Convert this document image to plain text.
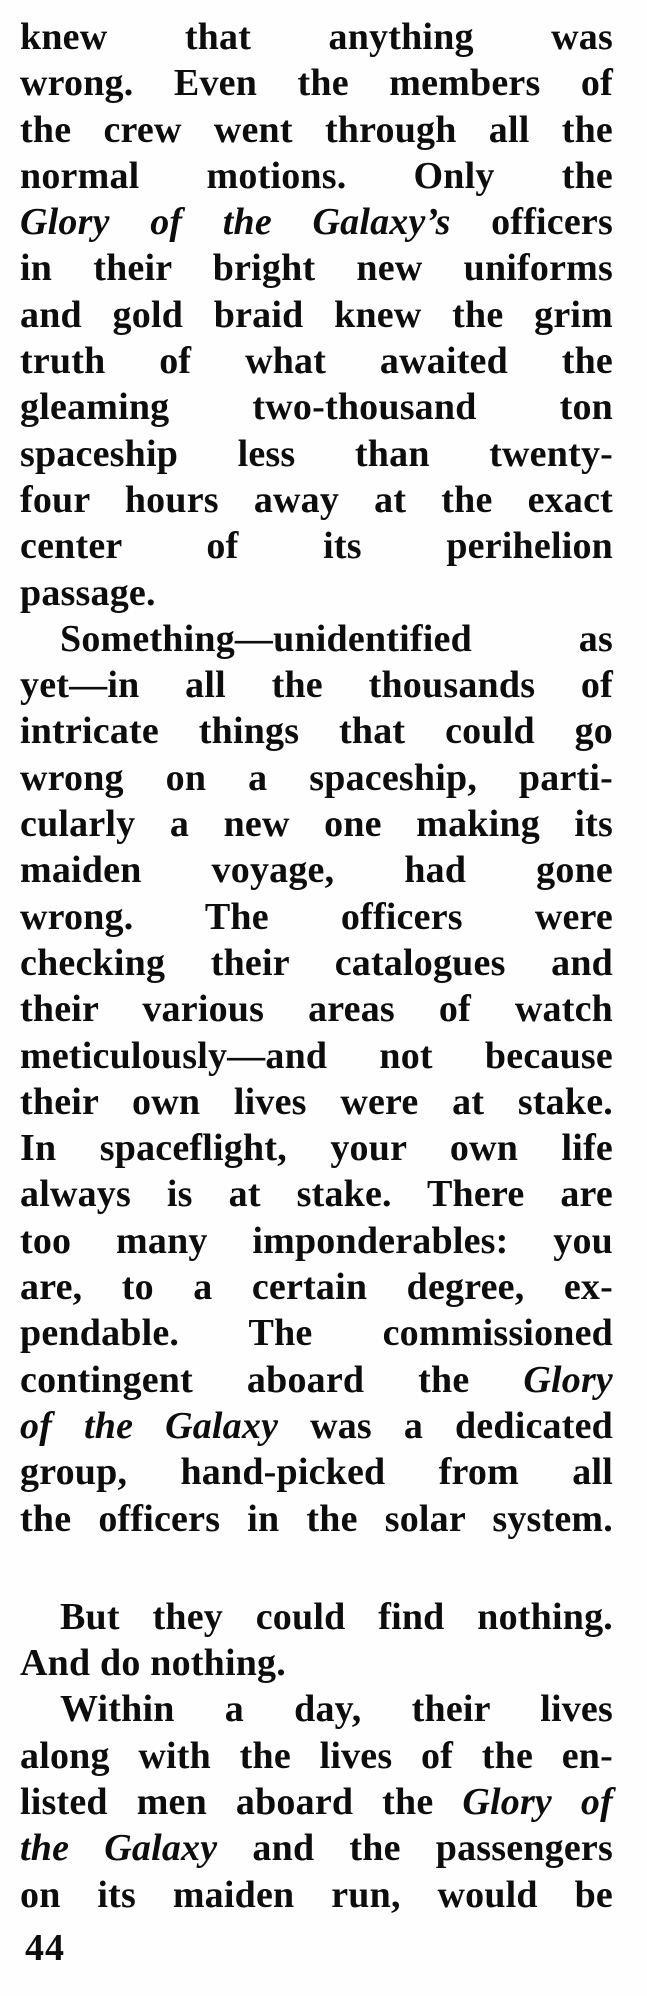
knew that anything was
wrong. Even the members of
the crew went through all the
normal motions. Only the
Glory of the Galaxy’s officers
in their bright new uniforms
and gold braid knew the grim
truth of what awaited the
gleaming two-thousand ton
spaceship less than twenty-
four hours away at the exact
center of its perihelion
passage.
Something—unidentified as
yet—in all the thousands of
intricate things that could go
wrong on a spaceship, parti-
cularly a new one making its
maiden voyage, had gone
wrong. The officers were
checking their catalogues and
their various areas of watch
meticulously—and not because
their own lives were at stake.
In spaceflight, your own life
always is at stake. There are
too many imponderables: you
are, to a certain degree, ex-
pendable. The commissioned
contingent aboard the Glory
of the Galaxy was a dedicated
group, hand-picked from all
the officers in the solar system.
But they could find nothing.
And do nothing.
Within a day, their lives
along with the lives of the en-
listed men aboard the Glory of
the Galaxy and the passengers
on its maiden run, would be
44
